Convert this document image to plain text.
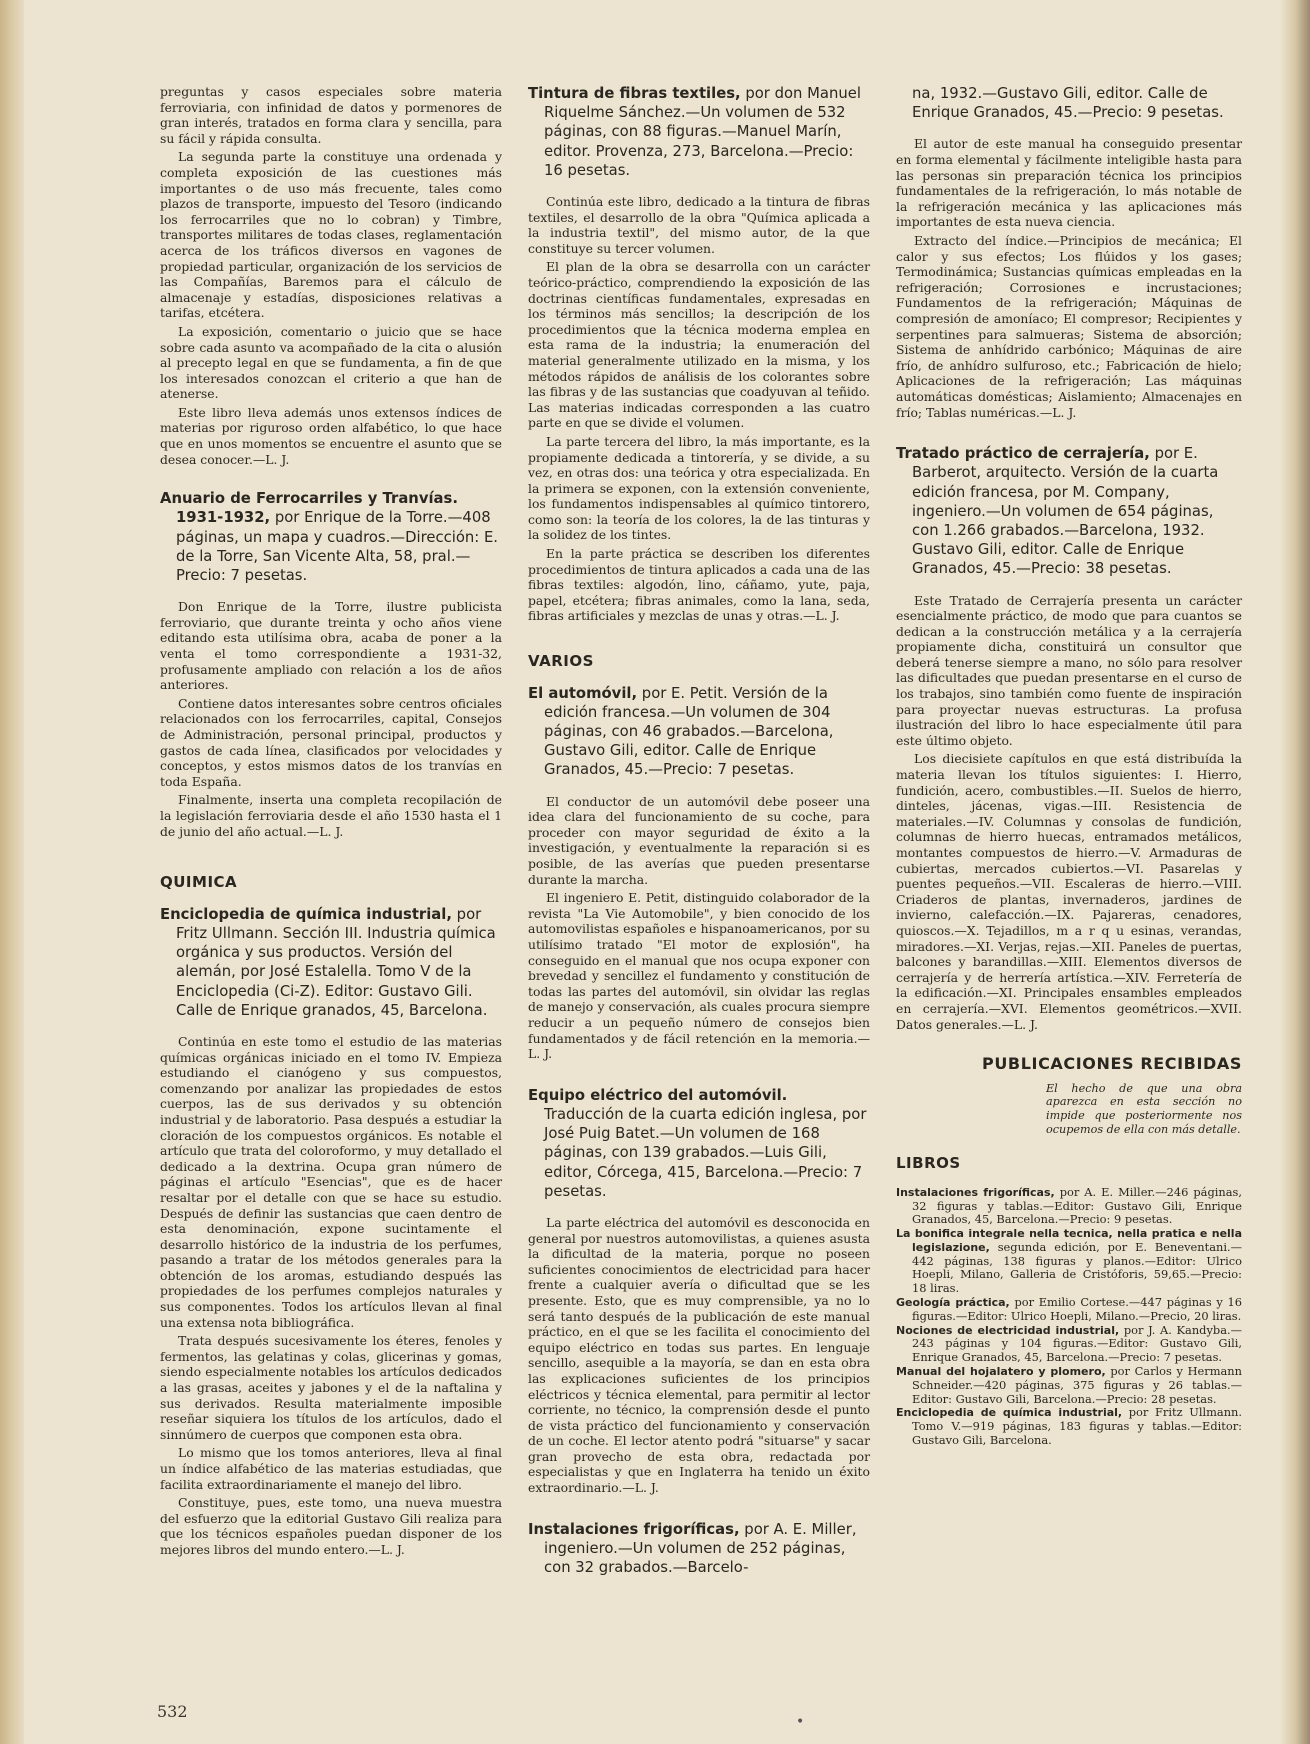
preguntas y casos especiales sobre materia ferroviaria, con infinidad de datos y pormenores de gran interés, tratados en forma clara y sencilla, para su fácil y rápida consulta.

La segunda parte la constituye una ordenada y completa exposición de las cuestiones más importantes o de uso más frecuente, tales como plazos de transporte, impuesto del Tesoro (indicando los ferrocarriles que no lo cobran) y Timbre, transportes militares de todas clases, reglamentación acerca de los tráficos diversos en vagones de propiedad particular, organización de los servicios de las Compañías, Baremos para el cálculo de almacenaje y estadías, disposiciones relativas a tarifas, etcétera.

La exposición, comentario o juicio que se hace sobre cada asunto va acompañado de la cita o alusión al precepto legal en que se fundamenta, a fin de que los interesados conozcan el criterio a que han de atenerse.

Este libro lleva además unos extensos índices de materias por riguroso orden alfabético, lo que hace que en unos momentos se encuentre el asunto que se desea conocer.—L. J.

Anuario de Ferrocarriles y Tranvías. 1931-1932, por Enrique de la Torre.—408 páginas, un mapa y cuadros.—Dirección: E. de la Torre, San Vicente Alta, 58, pral.—Precio: 7 pesetas.

Don Enrique de la Torre, ilustre publicista ferroviario, que durante treinta y ocho años viene editando esta utilísima obra, acaba de poner a la venta el tomo correspondiente a 1931-32, profusamente ampliado con relación a los de años anteriores.

Contiene datos interesantes sobre centros oficiales relacionados con los ferrocarriles, capital, Consejos de Administración, personal principal, productos y gastos de cada línea, clasificados por velocidades y conceptos, y estos mismos datos de los tranvías en toda España.

Finalmente, inserta una completa recopilación de la legislación ferroviaria desde el año 1530 hasta el 1 de junio del año actual.—L. J.

QUIMICA
Enciclopedia de química industrial, por Fritz Ullmann. Sección III. Industria química orgánica y sus productos. Versión del alemán, por José Estalella. Tomo V de la Enciclopedia (Ci-Z). Editor: Gustavo Gili. Calle de Enrique granados, 45, Barcelona.

Continúa en este tomo el estudio de las materias químicas orgánicas iniciado en el tomo IV. Empieza estudiando el cianógeno y sus compuestos, comenzando por analizar las propiedades de estos cuerpos, las de sus derivados y su obtención industrial y de laboratorio. Pasa después a estudiar la cloración de los compuestos orgánicos. Es notable el artículo que trata del coloroformo, y muy detallado el dedicado a la dextrina. Ocupa gran número de páginas el artículo "Esencias", que es de hacer resaltar por el detalle con que se hace su estudio. Después de definir las sustancias que caen dentro de esta denominación, expone sucintamente el desarrollo histórico de la industria de los perfumes, pasando a tratar de los métodos generales para la obtención de los aromas, estudiando después las propiedades de los perfumes complejos naturales y sus componentes. Todos los artículos llevan al final una extensa nota bibliográfica.

Trata después sucesivamente los éteres, fenoles y fermentos, las gelatinas y colas, glicerinas y gomas, siendo especialmente notables los artículos dedicados a las grasas, aceites y jabones y el de la naftalina y sus derivados. Resulta materialmente imposible reseñar siquiera los títulos de los artículos, dado el sinnúmero de cuerpos que componen esta obra.

Lo mismo que los tomos anteriores, lleva al final un índice alfabético de las materias estudiadas, que facilita extraordinariamente el manejo del libro.

Constituye, pues, este tomo, una nueva muestra del esfuerzo que la editorial Gustavo Gili realiza para que los técnicos españoles puedan disponer de los mejores libros del mundo entero.—L. J.

Tintura de fibras textiles, por don Manuel Riquelme Sánchez.—Un volumen de 532 páginas, con 88 figuras.—Manuel Marín, editor. Provenza, 273, Barcelona.—Precio: 16 pesetas.

Continúa este libro, dedicado a la tintura de fibras textiles, el desarrollo de la obra "Química aplicada a la industria textil", del mismo autor, de la que constituye su tercer volumen.

El plan de la obra se desarrolla con un carácter teórico-práctico, comprendiendo la exposición de las doctrinas científicas fundamentales, expresadas en los términos más sencillos; la descripción de los procedimientos que la técnica moderna emplea en esta rama de la industria; la enumeración del material generalmente utilizado en la misma, y los métodos rápidos de análisis de los colorantes sobre las fibras y de las sustancias que coadyuvan al teñido. Las materias indicadas corresponden a las cuatro parte en que se divide el volumen.

La parte tercera del libro, la más importante, es la propiamente dedicada a tintorería, y se divide, a su vez, en otras dos: una teórica y otra especializada. En la primera se exponen, con la extensión conveniente, los fundamentos indispensables al químico tintorero, como son: la teoría de los colores, la de las tinturas y la solidez de los tintes.

En la parte práctica se describen los diferentes procedimientos de tintura aplicados a cada una de las fibras textiles: algodón, lino, cáñamo, yute, paja, papel, etcétera; fibras animales, como la lana, seda, fibras artificiales y mezclas de unas y otras.—L. J.

VARIOS
El automóvil, por E. Petit. Versión de la edición francesa.—Un volumen de 304 páginas, con 46 grabados.—Barcelona, Gustavo Gili, editor. Calle de Enrique Granados, 45.—Precio: 7 pesetas.

El conductor de un automóvil debe poseer una idea clara del funcionamiento de su coche, para proceder con mayor seguridad de éxito a la investigación, y eventualmente la reparación si es posible, de las averías que pueden presentarse durante la marcha.

El ingeniero E. Petit, distinguido colaborador de la revista "La Vie Automobile", y bien conocido de los automovilistas españoles e hispanoamericanos, por su utilísimo tratado "El motor de explosión", ha conseguido en el manual que nos ocupa exponer con brevedad y sencillez el fundamento y constitución de todas las partes del automóvil, sin olvidar las reglas de manejo y conservación, als cuales procura siempre reducir a un pequeño número de consejos bien fundamentados y de fácil retención en la memoria.—L. J.

Equipo eléctrico del automóvil. Traducción de la cuarta edición inglesa, por José Puig Batet.—Un volumen de 168 páginas, con 139 grabados.—Luis Gili, editor, Córcega, 415, Barcelona.—Precio: 7 pesetas.

La parte eléctrica del automóvil es desconocida en general por nuestros automovilistas, a quienes asusta la dificultad de la materia, porque no poseen suficientes conocimientos de electricidad para hacer frente a cualquier avería o dificultad que se les presente. Esto, que es muy comprensible, ya no lo será tanto después de la publicación de este manual práctico, en el que se les facilita el conocimiento del equipo eléctrico en todas sus partes. En lenguaje sencillo, asequible a la mayoría, se dan en esta obra las explicaciones suficientes de los principios eléctricos y técnica elemental, para permitir al lector corriente, no técnico, la comprensión desde el punto de vista práctico del funcionamiento y conservación de un coche. El lector atento podrá "situarse" y sacar gran provecho de esta obra, redactada por especialistas y que en Inglaterra ha tenido un éxito extraordinario.—L. J.

Instalaciones frigoríficas, por A. E. Miller, ingeniero.—Un volumen de 252 páginas, con 32 grabados.—Barcelo-
na, 1932.—Gustavo Gili, editor. Calle de Enrique Granados, 45.—Precio: 9 pesetas.

El autor de este manual ha conseguido presentar en forma elemental y fácilmente inteligible hasta para las personas sin preparación técnica los principios fundamentales de la refrigeración, lo más notable de la refrigeración mecánica y las aplicaciones más importantes de esta nueva ciencia.

Extracto del índice.—Principios de mecánica; El calor y sus efectos; Los flúidos y los gases; Termodinámica; Sustancias químicas empleadas en la refrigeración; Corrosiones e incrustaciones; Fundamentos de la refrigeración; Máquinas de compresión de amoníaco; El compresor; Recipientes y serpentines para salmueras; Sistema de absorción; Sistema de anhídrido carbónico; Máquinas de aire frío, de anhídro sulfuroso, etc.; Fabricación de hielo; Aplicaciones de la refrigeración; Las máquinas automáticas domésticas; Aislamiento; Almacenajes en frío; Tablas numéricas.—L. J.

Tratado práctico de cerrajería, por E. Barberot, arquitecto. Versión de la cuarta edición francesa, por M. Company, ingeniero.—Un volumen de 654 páginas, con 1.266 grabados.—Barcelona, 1932. Gustavo Gili, editor. Calle de Enrique Granados, 45.—Precio: 38 pesetas.

Este Tratado de Cerrajería presenta un carácter esencialmente práctico, de modo que para cuantos se dedican a la construcción metálica y a la cerrajería propiamente dicha, constituirá un consultor que deberá tenerse siempre a mano, no sólo para resolver las dificultades que puedan presentarse en el curso de los trabajos, sino también como fuente de inspiración para proyectar nuevas estructuras. La profusa ilustración del libro lo hace especialmente útil para este último objeto.

Los diecisiete capítulos en que está distribuída la materia llevan los títulos siguientes: I. Hierro, fundición, acero, combustibles.—II. Suelos de hierro, dinteles, jácenas, vigas.—III. Resistencia de materiales.—IV. Columnas y consolas de fundición, columnas de hierro huecas, entramados metálicos, montantes compuestos de hierro.—V. Armaduras de cubiertas, mercados cubiertos.—VI. Pasarelas y puentes pequeños.—VII. Escaleras de hierro.—VIII. Criaderos de plantas, invernaderos, jardines de invierno, calefacción.—IX. Pajareras, cenadores, quioscos.—X. Tejadillos, m a r q u esinas, verandas, miradores.—XI. Verjas, rejas.—XII. Paneles de puertas, balcones y barandillas.—XIII. Elementos diversos de cerrajería y de herrería artística.—XIV. Ferretería de la edificación.—XI. Principales ensambles empleados en cerrajería.—XVI. Elementos geométricos.—XVII. Datos generales.—L. J.

PUBLICACIONES RECIBIDAS
El hecho de que una obra aparezca en esta sección no impide que posteriormente nos ocupemos de ella con más detalle.
LIBROS
Instalaciones frigoríficas, por A. E. Miller.—246 páginas, 32 figuras y tablas.—Editor: Gustavo Gili, Enrique Granados, 45, Barcelona.—Precio: 9 pesetas.
La bonifica integrale nella tecnica, nella pratica e nella legislazione, segunda edición, por E. Beneventani.—442 páginas, 138 figuras y planos.—Editor: Ulrico Hoepli, Milano, Galleria de Cristóforis, 59,65.—Precio: 18 liras.
Geología práctica, por Emilio Cortese.—447 páginas y 16 figuras.—Editor: Ulrico Hoepli, Milano.—Precio, 20 liras.
Nociones de electricidad industrial, por J. A. Kandyba.—243 páginas y 104 figuras.—Editor: Gustavo Gili, Enrique Granados, 45, Barcelona.—Precio: 7 pesetas.
Manual del hojalatero y plomero, por Carlos y Hermann Schneider.—420 páginas, 375 figuras y 26 tablas.—Editor: Gustavo Gili, Barcelona.—Precio: 28 pesetas.
Enciclopedia de química industrial, por Fritz Ullmann. Tomo V.—919 páginas, 183 figuras y tablas.—Editor: Gustavo Gili, Barcelona.
532
•
